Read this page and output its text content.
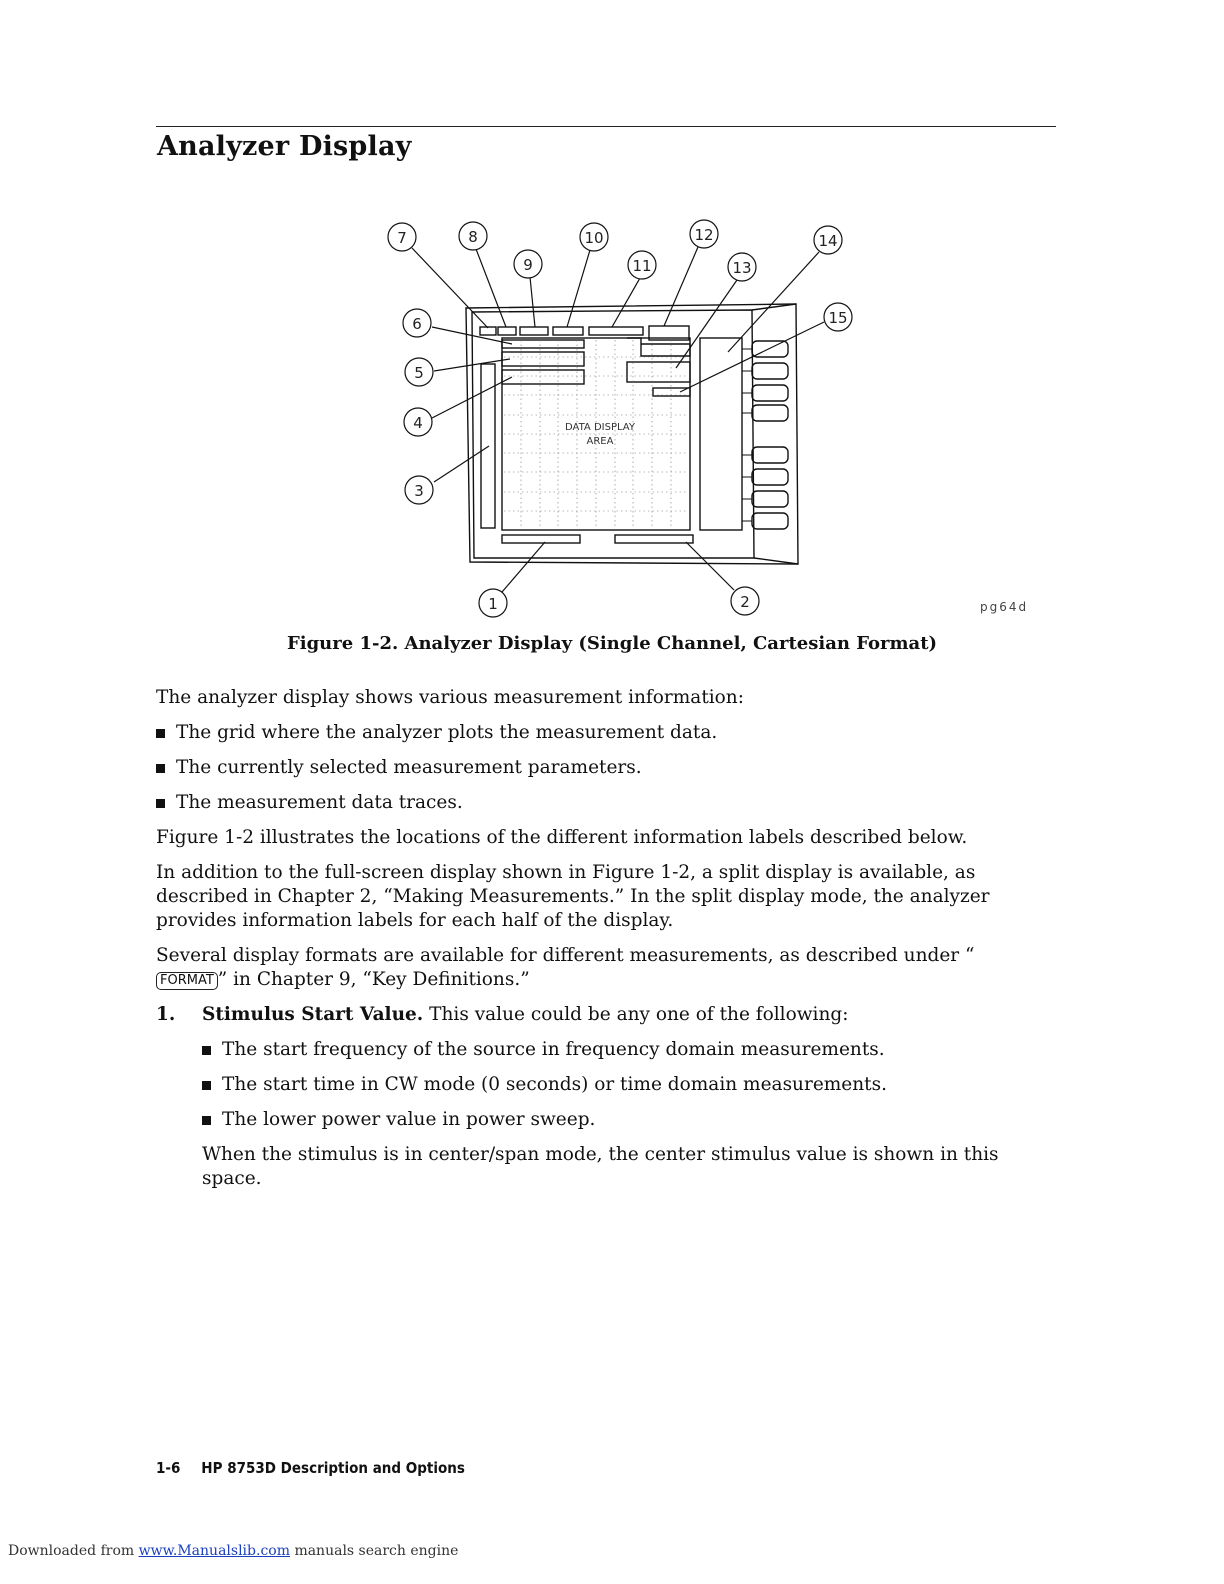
Analyzer Display
DATA DISPLAY
AREA
7	8
9
10
11
12
13
14
6	15
5
4
3
1	2	pg64d
Figure 1-2. Analyzer Display (Single Channel, Cartesian Format)

The analyzer display shows various measurement information:

The grid where the analyzer plots the measurement data.
The currently selected measurement parameters.
The measurement data traces.

Figure 1-2 illustrates the locations of the different information labels described below.

In addition to the full-screen display shown in Figure 1-2, a split display is available, as described in Chapter 2, “Making Measurements.” In the split display mode, the analyzer provides information labels for each half of the display.

Several display formats are available for different measurements, as described under “FORMAT ” in Chapter 9, “Key Definitions.”

1. Stimulus Start Value. This value could be any one of the following:
The start frequency of the source in frequency domain measurements.
The start time in CW mode (0 seconds) or time domain measurements.
The lower power value in power sweep.

When the stimulus is in center/span mode, the center stimulus value is shown in this space.

1-6 HP 8753D Description and Options
Downloaded from www.Manualslib.com manuals search engine
